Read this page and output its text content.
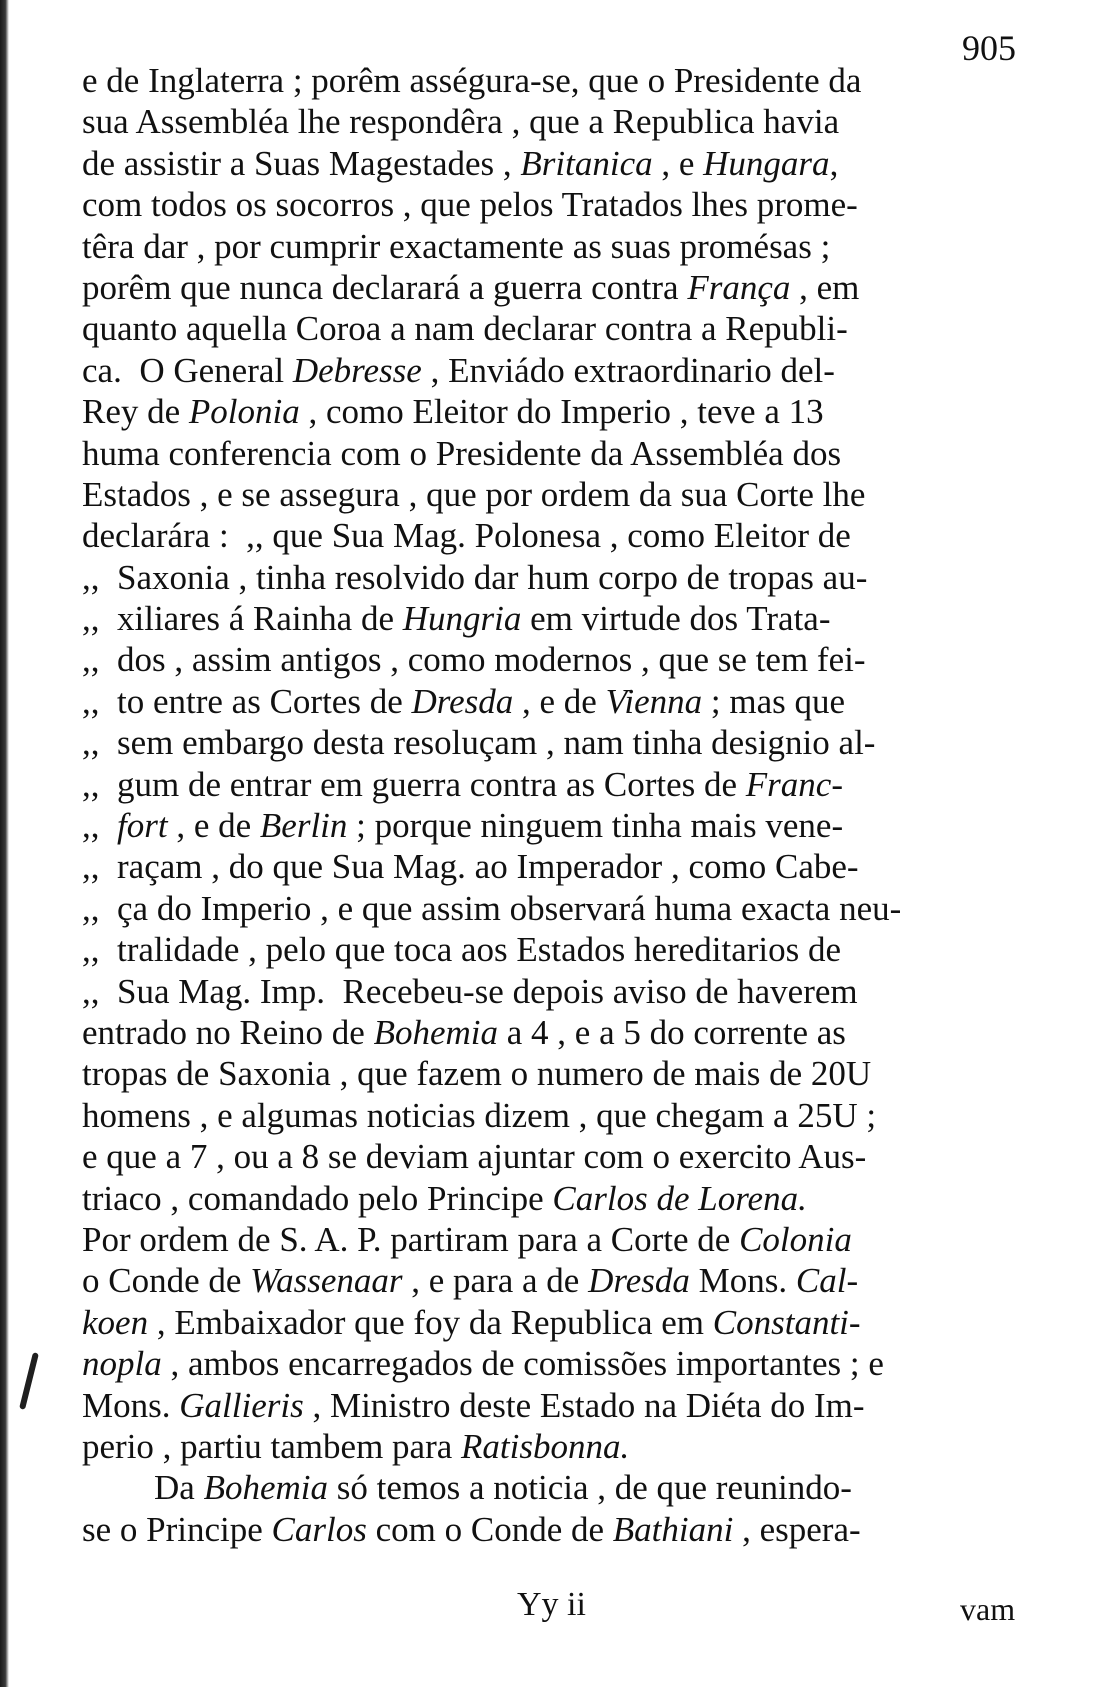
905
e de Inglaterra ; porêm asségura-se, que o Presidente da
sua Assembléa lhe respondêra , que a Republica havia
de assistir a Suas Magestades , Britanica , e Hungara,
com todos os socorros , que pelos Tratados lhes prome-
têra dar , por cumprir exactamente as suas promésas ;
porêm que nunca declarará a guerra contra França , em
quanto aquella Coroa a nam declarar contra a Republi-
ca.  O General Debresse , Enviádo extraordinario del-
Rey de Polonia , como Eleitor do Imperio , teve a 13
huma conferencia com o Presidente da Assembléa dos
Estados , e se assegura , que por ordem da sua Corte lhe
declarára :  ,, que Sua Mag. Polonesa , como Eleitor de
,,  Saxonia , tinha resolvido dar hum corpo de tropas au-
,,  xiliares á Rainha de Hungria em virtude dos Trata-
,,  dos , assim antigos , como modernos , que se tem fei-
,,  to entre as Cortes de Dresda , e de Vienna ; mas que
,,  sem embargo desta resoluçam , nam tinha designio al-
,,  gum de entrar em guerra contra as Cortes de Franc-
,,  fort , e de Berlin ; porque ninguem tinha mais vene-
,,  raçam , do que Sua Mag. ao Imperador , como Cabe-
,,  ça do Imperio , e que assim observará huma exacta neu-
,,  tralidade , pelo que toca aos Estados hereditarios de
,,  Sua Mag. Imp.  Recebeu-se depois aviso de haverem
entrado no Reino de Bohemia a 4 , e a 5 do corrente as
tropas de Saxonia , que fazem o numero de mais de 20U
homens , e algumas noticias dizem , que chegam a 25U ;
e que a 7 , ou a 8 se deviam ajuntar com o exercito Aus-
triaco , comandado pelo Principe Carlos de Lorena.
Por ordem de S. A. P. partiram para a Corte de Colonia
o Conde de Wassenaar , e para a de Dresda Mons. Cal-
koen , Embaixador que foy da Republica em Constanti-
nopla , ambos encarregados de comissões importantes ; e
Mons. Gallieris , Ministro deste Estado na Diéta do Im-
perio , partiu tambem para Ratisbonna.
Da Bohemia só temos a noticia , de que reunindo-
se o Principe Carlos com o Conde de Bathiani , espera-
Yy ii	vam
